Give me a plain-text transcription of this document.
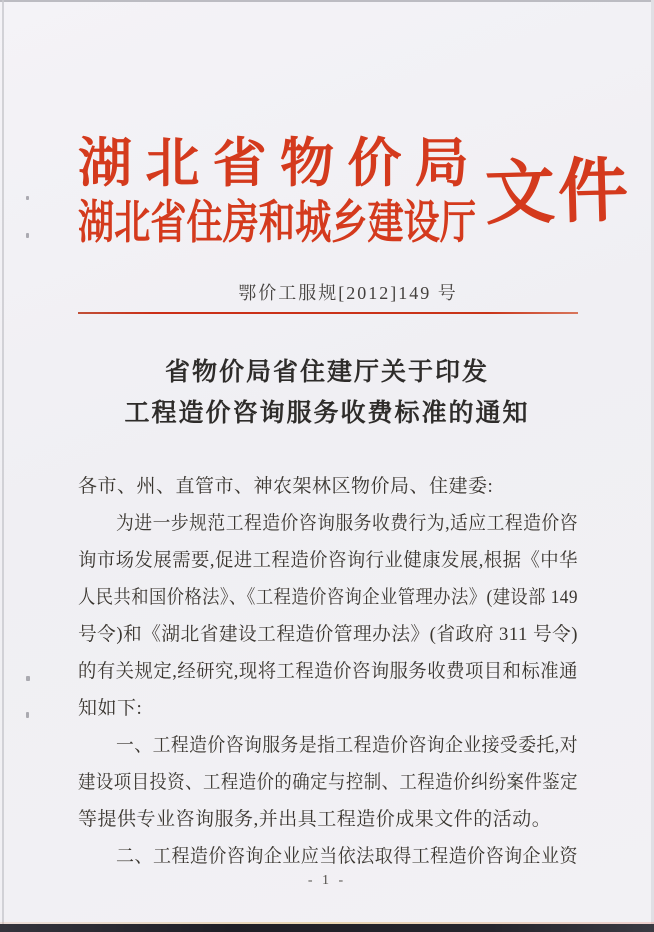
湖北省物价局
湖北省住房和城乡建设厅 文件
鄂价工服规[2012]149 号
省物价局省住建厅关于印发
工程造价咨询服务收费标准的通知
各市、州、直管市、神农架林区物价局、住建委:
为进一步规范工程造价咨询服务收费行为,适应工程造价咨
询市场发展需要,促进工程造价咨询行业健康发展,根据《中华
人民共和国价格法》、《工程造价咨询企业管理办法》(建设部 149
号令)和《湖北省建设工程造价管理办法》(省政府 311 号令)
的有关规定,经研究,现将工程造价咨询服务收费项目和标准通
知如下:
一、工程造价咨询服务是指工程造价咨询企业接受委托,对
建设项目投资、工程造价的确定与控制、工程造价纠纷案件鉴定
等提供专业咨询服务,并出具工程造价成果文件的活动。
二、工程造价咨询企业应当依法取得工程造价咨询企业资
- 1 -
